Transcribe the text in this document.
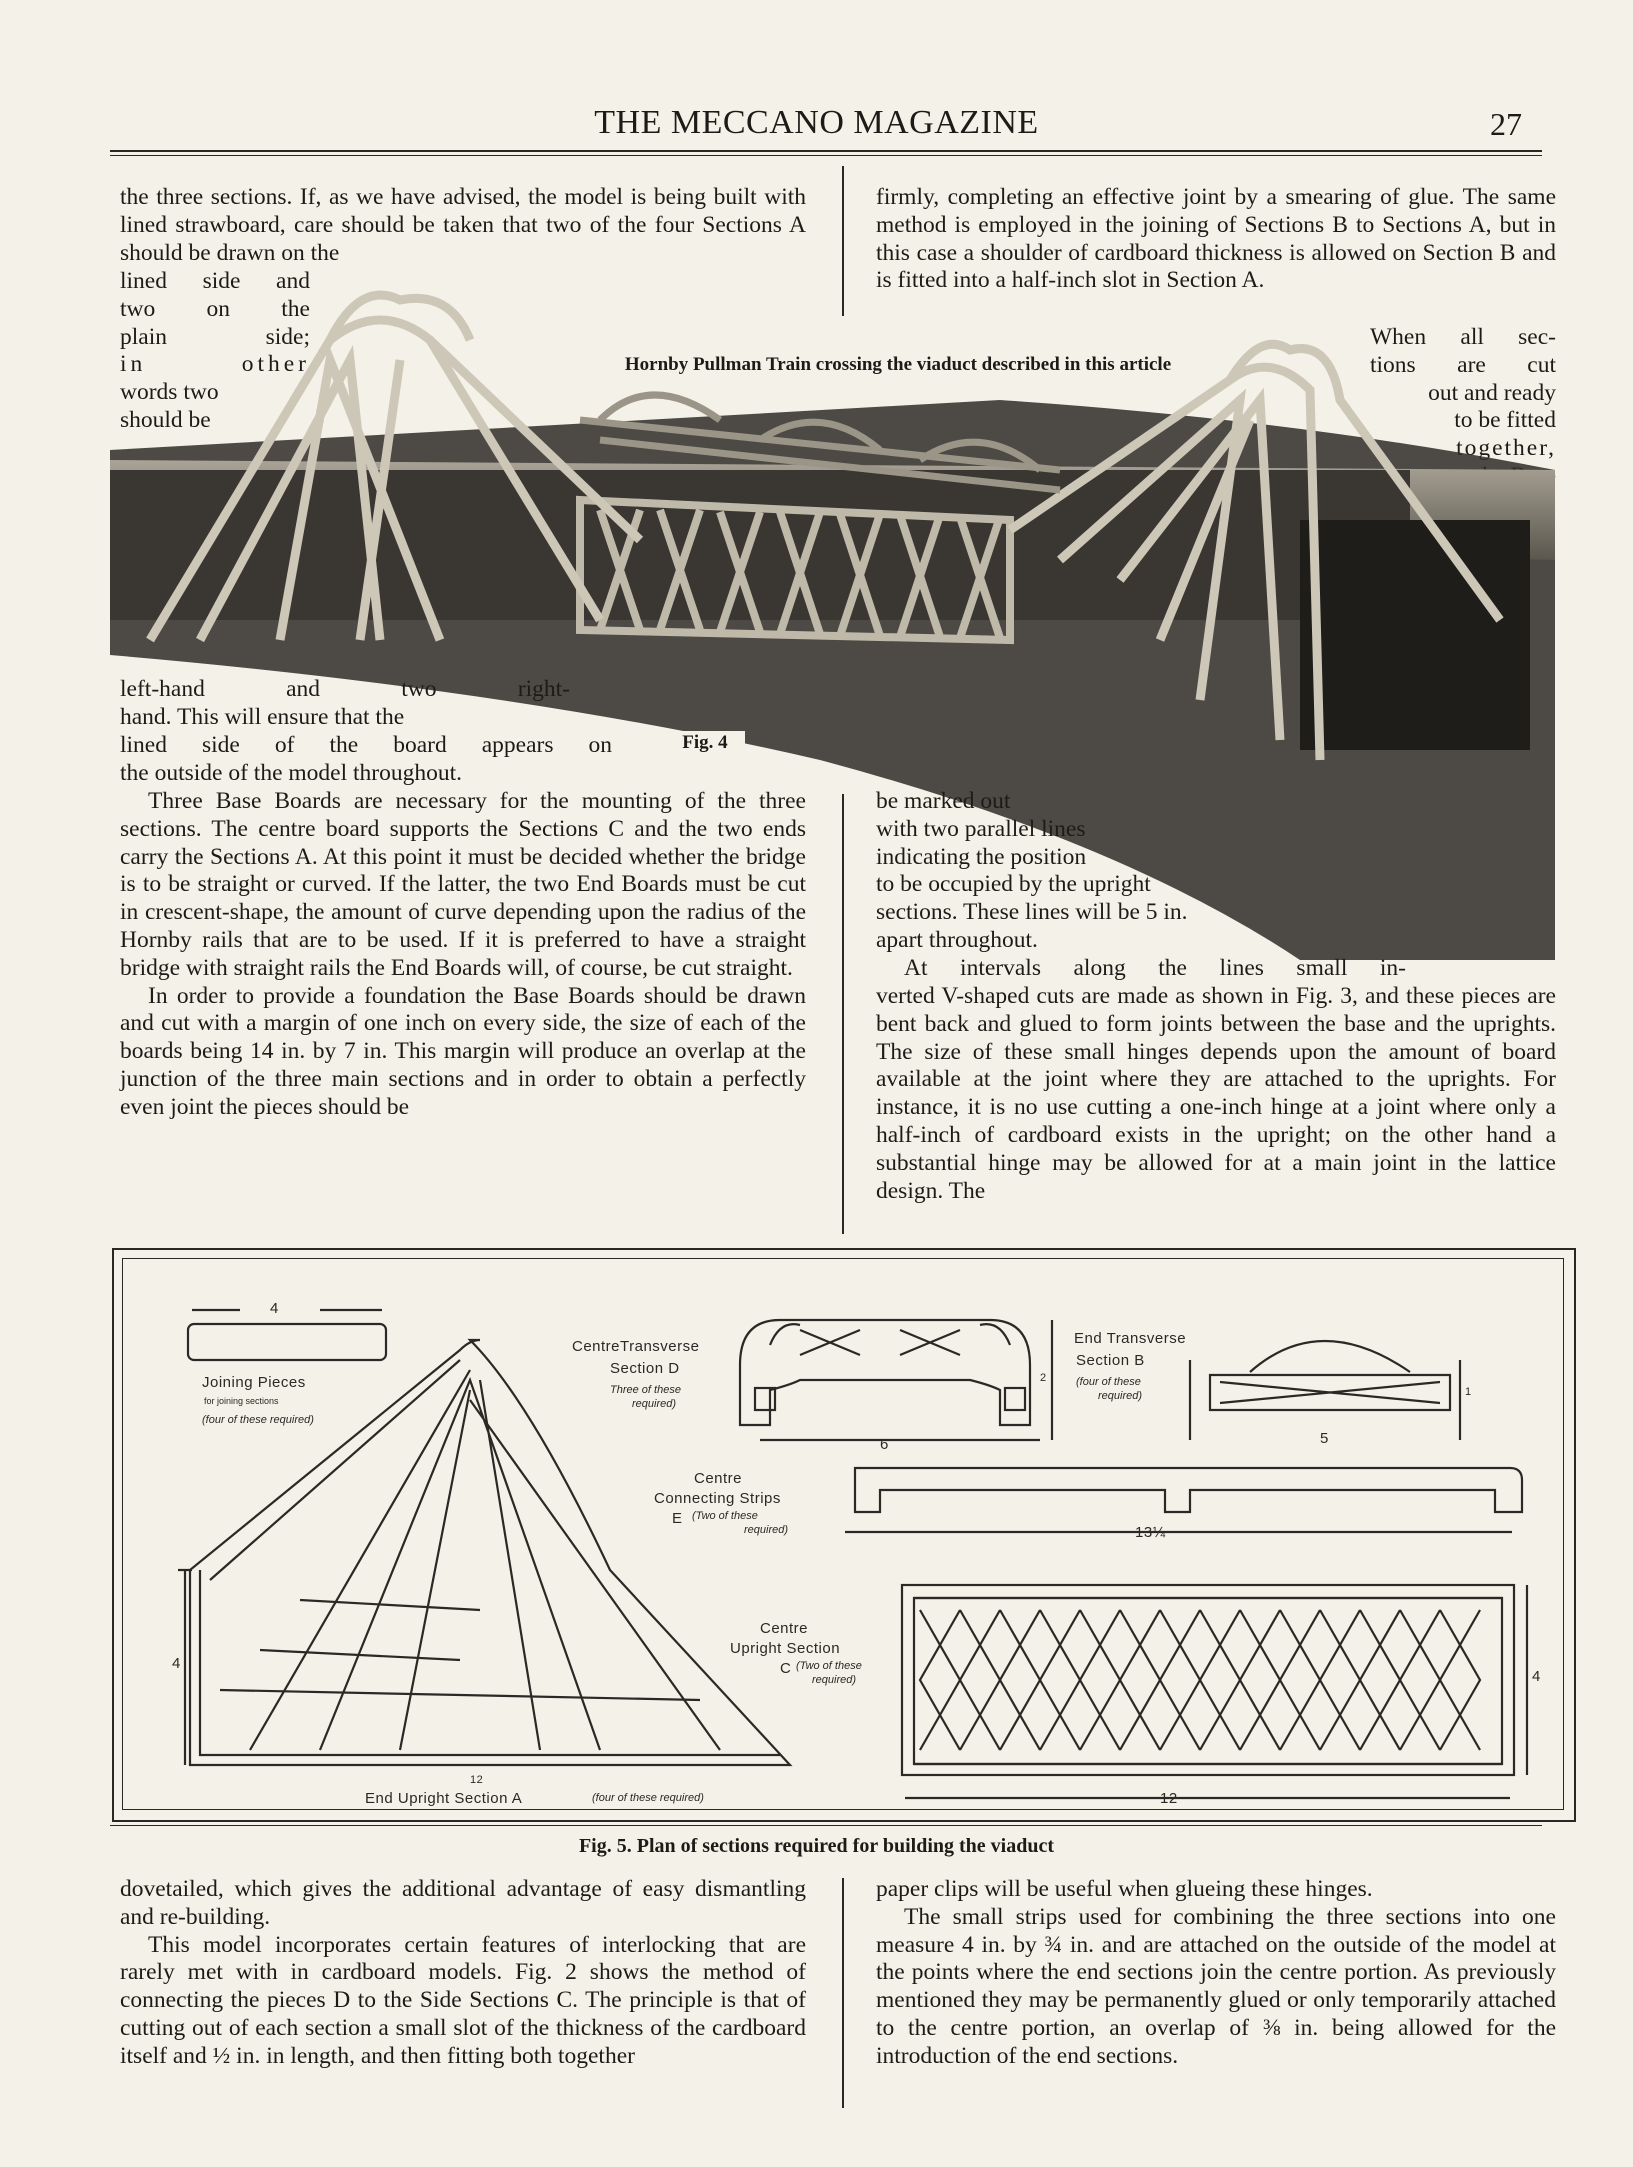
THE MECCANO MAGAZINE	27
the three sections. If, as we have advised, the model is being built with lined strawboard, care should be taken that two of the four Sections A should be drawn on the

lined side and

two on the

plain side;

in other

words two

should be

firmly, completing an effective joint by a smearing of glue. The same method is employed in the joining of Sections B to Sections A, but in this case a shoulder of cardboard thickness is allowed on Section B and is fitted into a half-inch slot in Section A.

When all sec-

tions are cut

out and ready

to be fitted

together,

Hornby Pullman Train crossing the viaduct described in this article
Fig. 4

left-hand and two right-

hand. This will ensure that the

lined side of the board appears on

the outside of the model throughout.

Three Base Boards are necessary for the mounting of the three sections. The centre board supports the Sections C and the two ends carry the Sections A. At this point it must be decided whether the bridge is to be straight or curved. If the latter, the two End Boards must be cut in crescent-shape, the amount of curve depending upon the radius of the Hornby rails that are to be used. If it is preferred to have a straight bridge with straight rails the End Boards will, of course, be cut straight.

In order to provide a foundation the Base Boards should be drawn and cut with a margin of one inch on every side, the size of each of the boards being 14 in. by 7 in. This margin will produce an overlap at the junction of the three main sections and in order to obtain a perfectly even joint the pieces should be

be marked out

with two parallel lines

indicating the position

to be occupied by the upright

sections. These lines will be 5 in.

apart throughout.

At intervals along the lines small in-

verted V-shaped cuts are made as shown in Fig. 3, and these pieces are bent back and glued to form joints between the base and the uprights. The size of these small hinges depends upon the amount of board available at the joint where they are attached to the uprights. For instance, it is no use cutting a one-inch hinge at a joint where only a half-inch of cardboard exists in the upright; on the other hand a substantial hinge may be allowed for at a main joint in the lattice design. The
4
Joining Pieces
for joining sections
(four of these required)
End Upright Section A	(four of these required)
12
4
CentreTransverse
Section D
Three of these
required)
6
2
End Transverse
Section B
(four of these
required)
5
1
Centre
Connecting Strips
E (Two of these
required)	13¼
Centre
Upright Section
C (Two of these
required)
12
4
Fig. 5. Plan of sections required for building the viaduct

dovetailed, which gives the additional advantage of easy dismantling and re-building.

This model incorporates certain features of interlocking that are rarely met with in cardboard models. Fig. 2 shows the method of connecting the pieces D to the Side Sections C. The principle is that of cutting out of each section a small slot of the thickness of the cardboard itself and ½ in. in length, and then fitting both together

paper clips will be useful when glueing these hinges.

The small strips used for combining the three sections into one measure 4 in. by ¾ in. and are attached on the outside of the model at the points where the end sections join the centre portion. As previously mentioned they may be permanently glued or only temporarily attached to the centre portion, an overlap of ⅜ in. being allowed for the introduction of the end sections.
